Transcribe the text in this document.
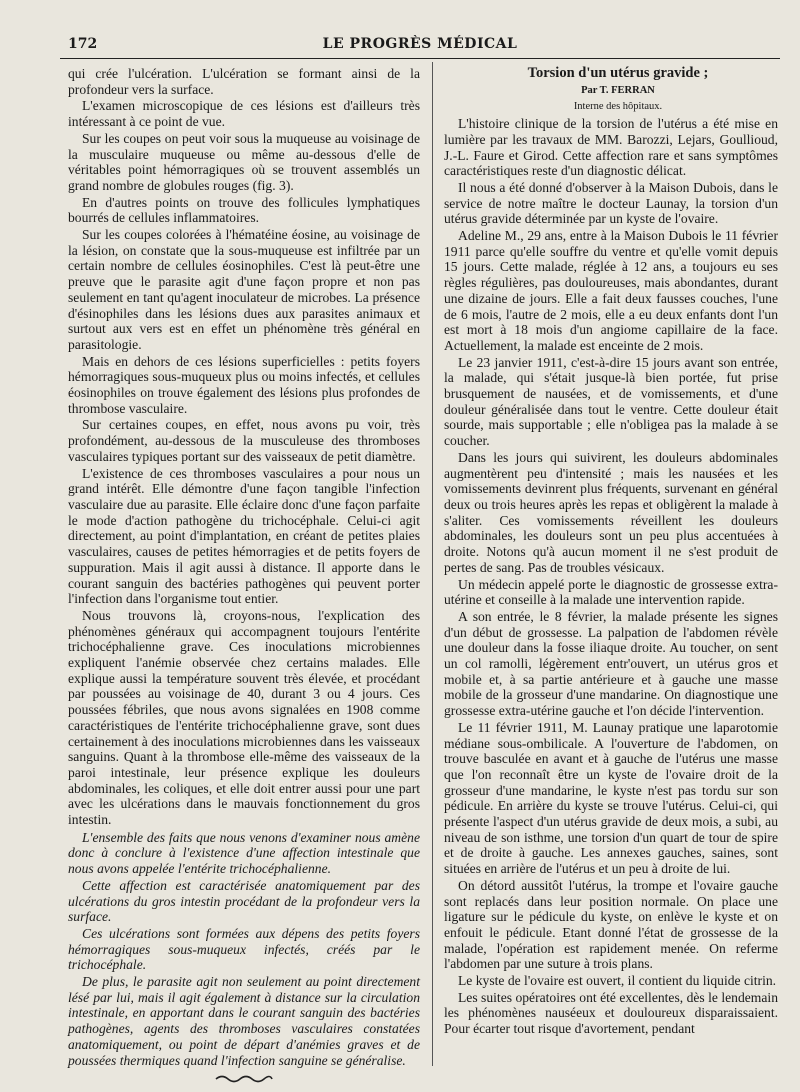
172	LE PROGRÈS MÉDICAL

qui crée l'ulcération. L'ulcération se formant ainsi de la profondeur vers la surface.

L'examen microscopique de ces lésions est d'ailleurs très intéressant à ce point de vue.

Sur les coupes on peut voir sous la muqueuse au voisinage de la musculaire muqueuse ou même au-dessous d'elle de véritables point hémorragiques où se trouvent assemblés un grand nombre de globules rouges (fig. 3).

En d'autres points on trouve des follicules lymphatiques bourrés de cellules inflammatoires.

Sur les coupes colorées à l'hématéine éosine, au voisinage de la lésion, on constate que la sous-muqueuse est infiltrée par un certain nombre de cellules éosinophiles. C'est là peut-être une preuve que le parasite agit d'une façon propre et non pas seulement en tant qu'agent inoculateur de microbes. La présence d'ésinophiles dans les lésions dues aux parasites animaux et surtout aux vers est en effet un phénomène très général en parasitologie.

Mais en dehors de ces lésions superficielles : petits foyers hémorragiques sous-muqueux plus ou moins infectés, et cellules éosinophiles on trouve également des lésions plus profondes de thrombose vasculaire.

Sur certaines coupes, en effet, nous avons pu voir, très profondément, au-dessous de la musculeuse des thromboses vasculaires typiques portant sur des vaisseaux de petit diamètre.

L'existence de ces thromboses vasculaires a pour nous un grand intérêt. Elle démontre d'une façon tangible l'infection vasculaire due au parasite. Elle éclaire donc d'une façon parfaite le mode d'action pathogène du trichocéphale. Celui-ci agit directement, au point d'implantation, en créant de petites plaies vasculaires, causes de petites hémorragies et de petits foyers de suppuration. Mais il agit aussi à distance. Il apporte dans le courant sanguin des bactéries pathogènes qui peuvent porter l'infection dans l'organisme tout entier.

Nous trouvons là, croyons-nous, l'explication des phénomènes généraux qui accompagnent toujours l'entérite trichocéphalienne grave. Ces inoculations microbiennes expliquent l'anémie observée chez certains malades. Elle explique aussi la température souvent très élevée, et procédant par poussées au voisinage de 40, durant 3 ou 4 jours. Ces poussées fébriles, que nous avons signalées en 1908 comme caractéristiques de l'entérite trichocéphalienne grave, sont dues certainement à des inoculations microbiennes dans les vaisseaux sanguins. Quant à la thrombose elle-même des vaisseaux de la paroi intestinale, leur présence explique les douleurs abdominales, les coliques, et elle doit entrer aussi pour une part avec les ulcérations dans le mauvais fonctionnement du gros intestin.

L'ensemble des faits que nous venons d'examiner nous amène donc à conclure à l'existence d'une affection intestinale que nous avons appelée l'entérite trichocéphalienne.

Cette affection est caractérisée anatomiquement par des ulcérations du gros intestin procédant de la profondeur vers la surface.

Ces ulcérations sont formées aux dépens des petits foyers hémorragiques sous-muqueux infectés, créés par le trichocéphale.

De plus, le parasite agit non seulement au point directement lésé par lui, mais il agit également à distance sur la circulation intestinale, en apportant dans le courant sanguin des bactéries pathogènes, agents des thromboses vasculaires constatées anatomiquement, ou point de départ d'anémies graves et de poussées thermiques quand l'infection sanguine se généralise.

Torsion d'un utérus gravide ;

Par T. FERRAN

Interne des hôpitaux.

L'histoire clinique de la torsion de l'utérus a été mise en lumière par les travaux de MM. Barozzi, Lejars, Goullioud, J.-L. Faure et Girod. Cette affection rare et sans symptômes caractéristiques reste d'un diagnostic délicat.

Il nous a été donné d'observer à la Maison Dubois, dans le service de notre maître le docteur Launay, la torsion d'un utérus gravide déterminée par un kyste de l'ovaire.

Adeline M., 29 ans, entre à la Maison Dubois le 11 février 1911 parce qu'elle souffre du ventre et qu'elle vomit depuis 15 jours. Cette malade, réglée à 12 ans, a toujours eu ses règles régulières, pas douloureuses, mais abondantes, durant une dizaine de jours. Elle a fait deux fausses couches, l'une de 6 mois, l'autre de 2 mois, elle a eu deux enfants dont l'un est mort à 18 mois d'un angiome capillaire de la face. Actuellement, la malade est enceinte de 2 mois.

Le 23 janvier 1911, c'est-à-dire 15 jours avant son entrée, la malade, qui s'était jusque-là bien portée, fut prise brusquement de nausées, et de vomissements, et d'une douleur généralisée dans tout le ventre. Cette douleur était sourde, mais supportable ; elle n'obligea pas la malade à se coucher.

Dans les jours qui suivirent, les douleurs abdominales augmentèrent peu d'intensité ; mais les nausées et les vomissements devinrent plus fréquents, survenant en général deux ou trois heures après les repas et obligèrent la malade à s'aliter. Ces vomissements réveillent les douleurs abdominales, les douleurs sont un peu plus accentuées à droite. Notons qu'à aucun moment il ne s'est produit de pertes de sang. Pas de troubles vésicaux.

Un médecin appelé porte le diagnostic de grossesse extra-utérine et conseille à la malade une intervention rapide.

A son entrée, le 8 février, la malade présente les signes d'un début de grossesse. La palpation de l'abdomen révèle une douleur dans la fosse iliaque droite. Au toucher, on sent un col ramolli, légèrement entr'ouvert, un utérus gros et mobile et, à sa partie antérieure et à gauche une masse mobile de la grosseur d'une mandarine. On diagnostique une grossesse extra-utérine gauche et l'on décide l'intervention.

Le 11 février 1911, M. Launay pratique une laparotomie médiane sous-ombilicale. A l'ouverture de l'abdomen, on trouve basculée en avant et à gauche de l'utérus une masse que l'on reconnaît être un kyste de l'ovaire droit de la grosseur d'une mandarine, le kyste n'est pas tordu sur son pédicule. En arrière du kyste se trouve l'utérus. Celui-ci, qui présente l'aspect d'un utérus gravide de deux mois, a subi, au niveau de son isthme, une torsion d'un quart de tour de spire et de droite à gauche. Les annexes gauches, saines, sont situées en arrière de l'utérus et un peu à droite de lui.

On détord aussitôt l'utérus, la trompe et l'ovaire gauche sont replacés dans leur position normale. On place une ligature sur le pédicule du kyste, on enlève le kyste et on enfouit le pédicule. Etant donné l'état de grossesse de la malade, l'opération est rapidement menée. On referme l'abdomen par une suture à trois plans.

Le kyste de l'ovaire est ouvert, il contient du liquide citrin.

Les suites opératoires ont été excellentes, dès le lendemain les phénomènes nauséeux et douloureux disparaissaient. Pour écarter tout risque d'avortement, pendant
